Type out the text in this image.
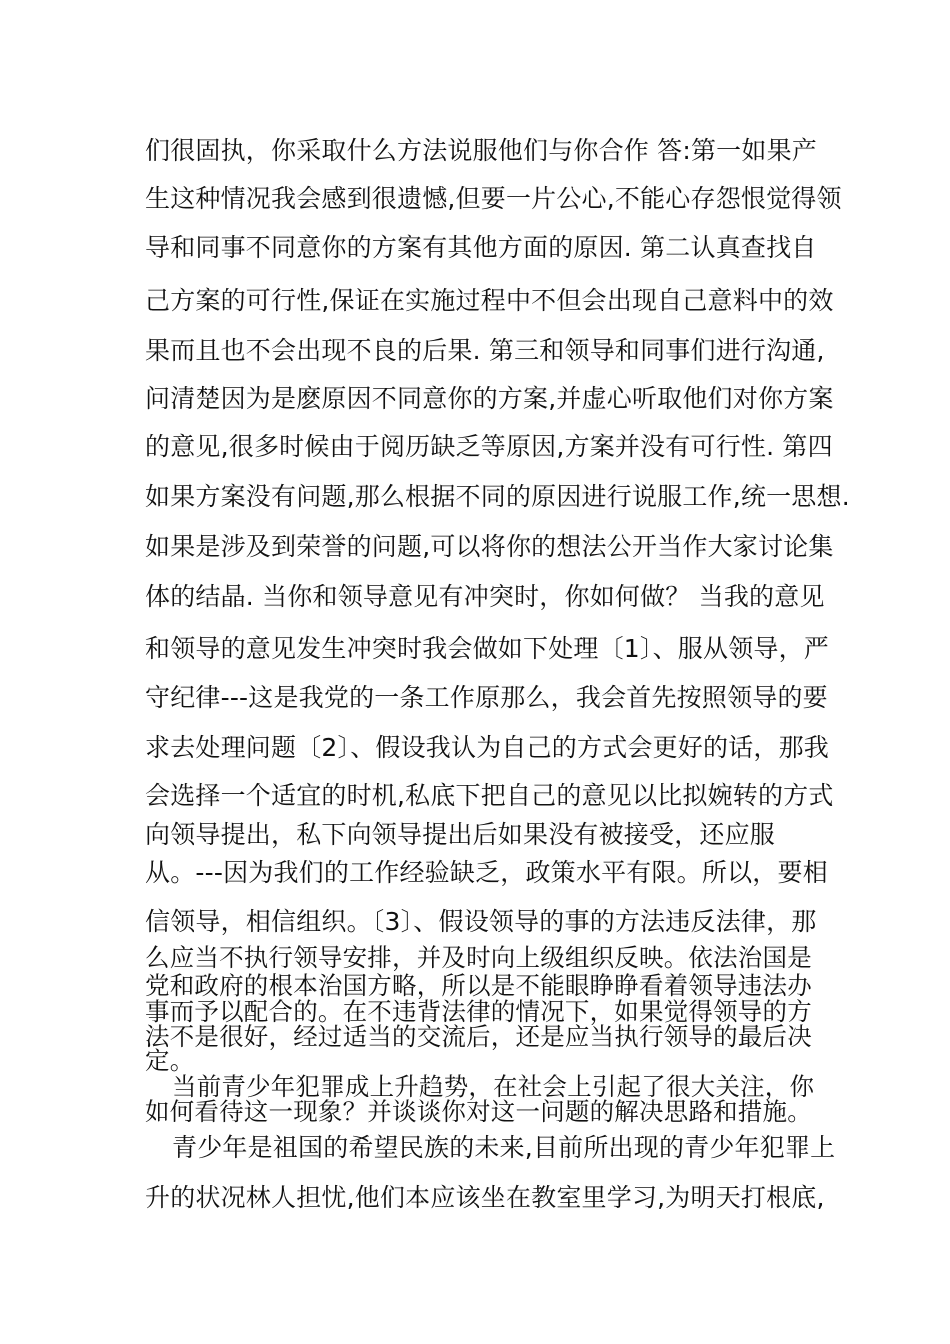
们很固执，你采取什么方法说服他们与你合作 答:第一如果产
生这种情况我会感到很遗憾,但要一片公心,不能心存怨恨觉得领
导和同事不同意你的方案有其他方面的原因. 第二认真查找自
己方案的可行性,保证在实施过程中不但会出现自己意料中的效
果而且也不会出现不良的后果. 第三和领导和同事们进行沟通,
问清楚因为是麽原因不同意你的方案,并虚心听取他们对你方案
的意见,很多时候由于阅历缺乏等原因,方案并没有可行性. 第四
如果方案没有问题,那么根据不同的原因进行说服工作,统一思想.
如果是涉及到荣誉的问题,可以将你的想法公开当作大家讨论集
体的结晶. 当你和领导意见有冲突时，你如何做？ 当我的意见
和领导的意见发生冲突时我会做如下处理〔1〕、服从领导，严
守纪律---这是我党的一条工作原那么，我会首先按照领导的要
求去处理问题〔2〕、假设我认为自己的方式会更好的话，那我
会选择一个适宜的时机,私底下把自己的意见以比拟婉转的方式
向领导提出，私下向领导提出后如果没有被接受，还应服
从。---因为我们的工作经验缺乏，政策水平有限。所以，要相
信领导，相信组织。〔3〕、假设领导的事的方法违反法律，那
么应当不执行领导安排，并及时向上级组织反映。依法治国是
党和政府的根本治国方略，所以是不能眼睁睁看着领导违法办
事而予以配合的。在不违背法律的情况下，如果觉得领导的方
法不是很好，经过适当的交流后，还是应当执行领导的最后决
定。
当前青少年犯罪成上升趋势，在社会上引起了很大关注，你
如何看待这一现象？并谈谈你对这一问题的解决思路和措施。
青少年是祖国的希望民族的未来,目前所出现的青少年犯罪上
升的状况林人担忧,他们本应该坐在教室里学习,为明天打根底,
